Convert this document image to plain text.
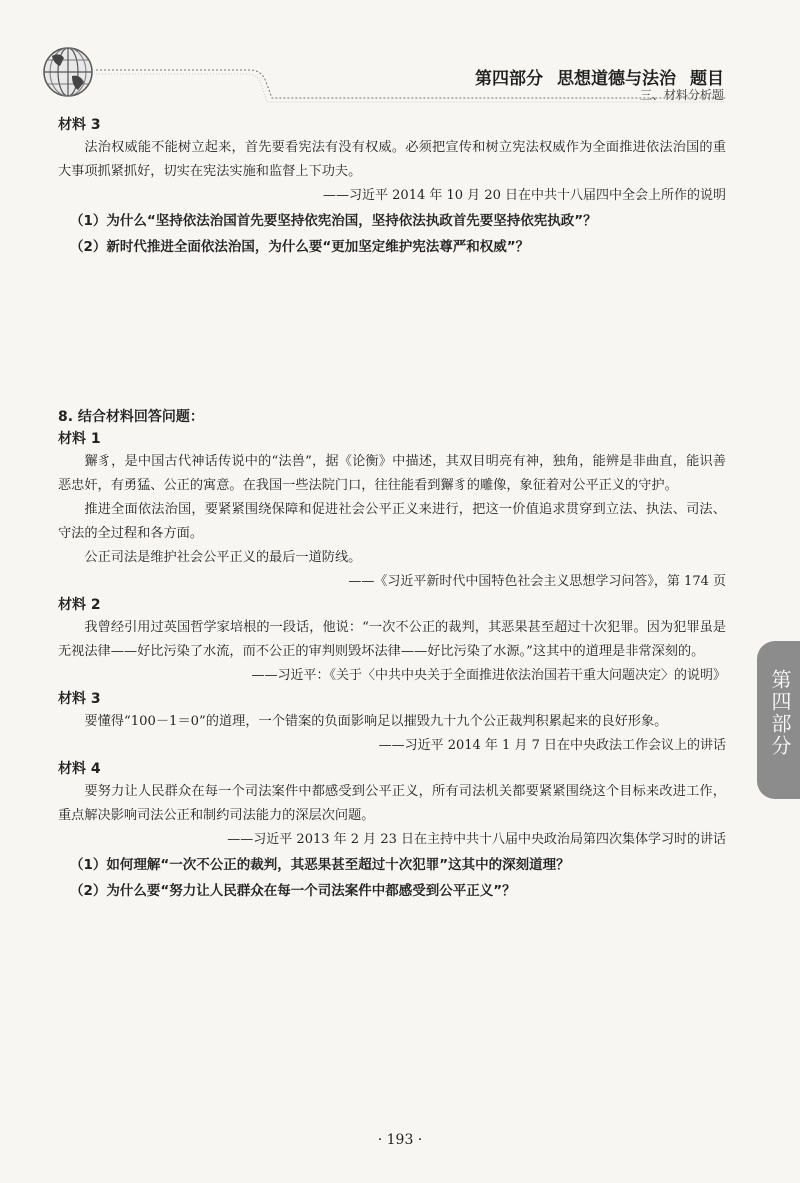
第四部分 思想道德与法治 题目
三、材料分析题
第四部分

材料 3

法治权威能不能树立起来，首先要看宪法有没有权威。必须把宣传和树立宪法权威作为全面推进依法治国的重大事项抓紧抓好，切实在宪法实施和监督上下功夫。

——习近平 2014 年 10 月 20 日在中共十八届四中全会上所作的说明

（1）为什么“坚持依法治国首先要坚持依宪治国，坚持依法执政首先要坚持依宪执政”？

（2）新时代推进全面依法治国，为什么要“更加坚定维护宪法尊严和权威”？

8. 结合材料回答问题：

材料 1

獬豸，是中国古代神话传说中的“法兽”，据《论衡》中描述，其双目明亮有神，独角，能辨是非曲直，能识善恶忠奸，有勇猛、公正的寓意。在我国一些法院门口，往往能看到獬豸的雕像，象征着对公平正义的守护。

推进全面依法治国，要紧紧围绕保障和促进社会公平正义来进行，把这一价值追求贯穿到立法、执法、司法、守法的全过程和各方面。

公正司法是维护社会公平正义的最后一道防线。

——《习近平新时代中国特色社会主义思想学习问答》，第 174 页

材料 2

我曾经引用过英国哲学家培根的一段话，他说：“一次不公正的裁判，其恶果甚至超过十次犯罪。因为犯罪虽是无视法律——好比污染了水流，而不公正的审判则毁坏法律——好比污染了水源。”这其中的道理是非常深刻的。

——习近平：《关于〈中共中央关于全面推进依法治国若干重大问题决定〉的说明》

材料 3

要懂得“100－1＝0”的道理，一个错案的负面影响足以摧毁九十九个公正裁判积累起来的良好形象。

——习近平 2014 年 1 月 7 日在中央政法工作会议上的讲话

材料 4

要努力让人民群众在每一个司法案件中都感受到公平正义，所有司法机关都要紧紧围绕这个目标来改进工作，重点解决影响司法公正和制约司法能力的深层次问题。

——习近平 2013 年 2 月 23 日在主持中共十八届中央政治局第四次集体学习时的讲话

（1）如何理解“一次不公正的裁判，其恶果甚至超过十次犯罪”这其中的深刻道理？

（2）为什么要“努力让人民群众在每一个司法案件中都感受到公平正义”？

· 193 ·
